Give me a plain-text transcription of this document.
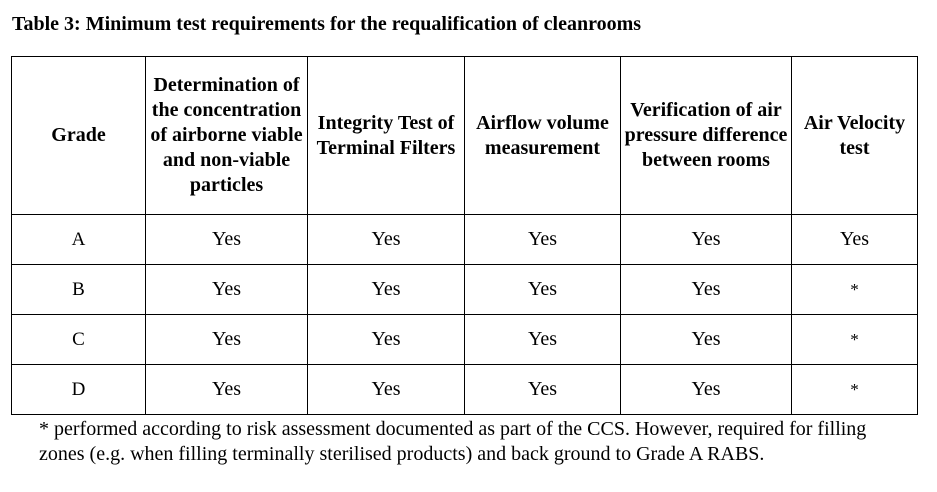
Table 3: Minimum test requirements for the requalification of cleanrooms
Grade	Determination of the concentration of airborne viable and non-viable particles	Integrity Test of Terminal Filters	Airflow volume measurement	Verification of air pressure difference between rooms	Air Velocity test
A	Yes	Yes	Yes	Yes	Yes
B	Yes	Yes	Yes	Yes	*
C	Yes	Yes	Yes	Yes	*
D	Yes	Yes	Yes	Yes	*
* performed according to risk assessment documented as part of the CCS. However, required for filling zones (e.g. when filling terminally sterilised products) and back ground to Grade A RABS.
